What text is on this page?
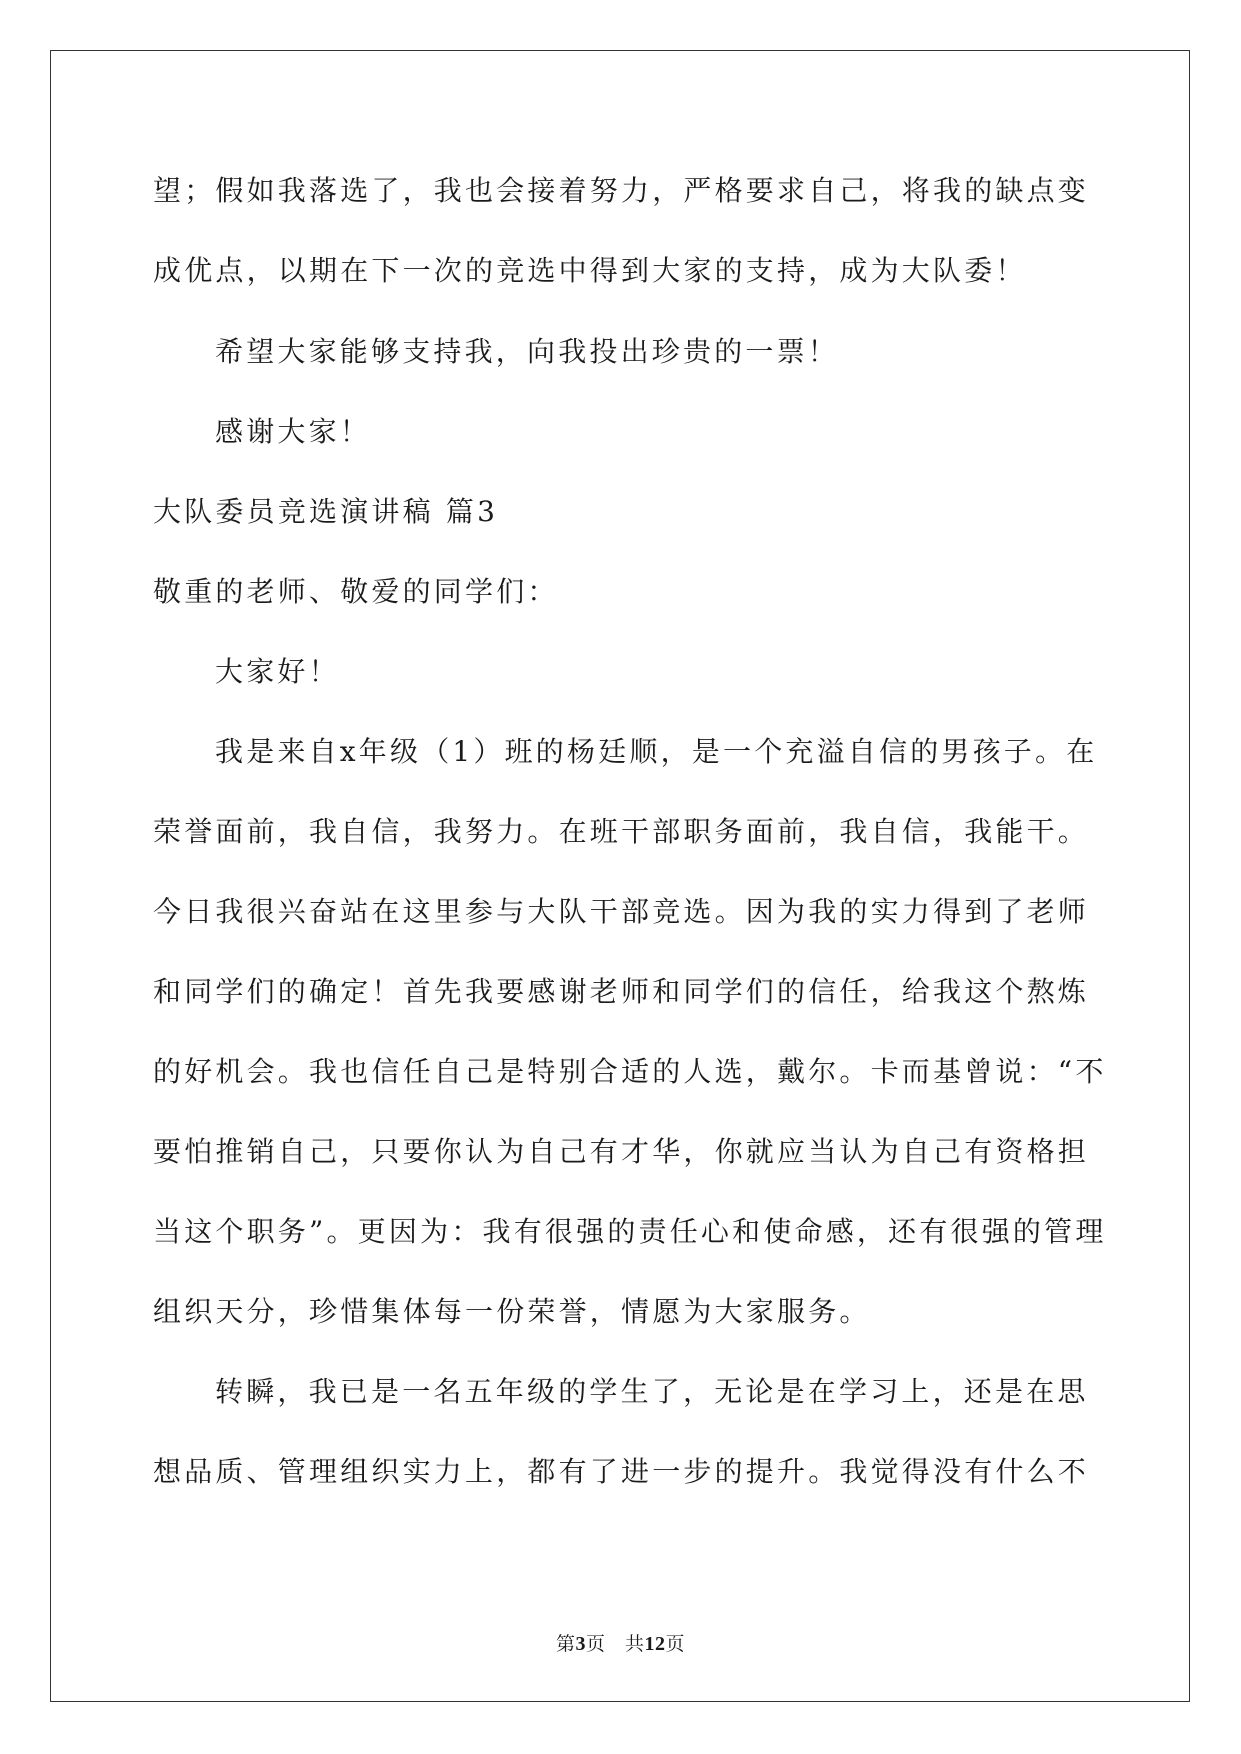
望；假如我落选了，我也会接着努力，严格要求自己，将我的缺点变
成优点，以期在下一次的竞选中得到大家的支持，成为大队委！
希望大家能够支持我，向我投出珍贵的一票！
感谢大家！
大队委员竞选演讲稿 篇3
敬重的老师、敬爱的同学们：
大家好！
我是来自x年级（1）班的杨廷顺，是一个充溢自信的男孩子。在
荣誉面前，我自信，我努力。在班干部职务面前，我自信，我能干。
今日我很兴奋站在这里参与大队干部竞选。因为我的实力得到了老师
和同学们的确定！首先我要感谢老师和同学们的信任，给我这个熬炼
的好机会。我也信任自己是特别合适的人选，戴尔。卡而基曾说：“不
要怕推销自己，只要你认为自己有才华，你就应当认为自己有资格担
当这个职务”。更因为：我有很强的责任心和使命感，还有很强的管理
组织天分，珍惜集体每一份荣誉，情愿为大家服务。
转瞬，我已是一名五年级的学生了，无论是在学习上，还是在思
想品质、管理组织实力上，都有了进一步的提升。我觉得没有什么不
第3页　共12页
